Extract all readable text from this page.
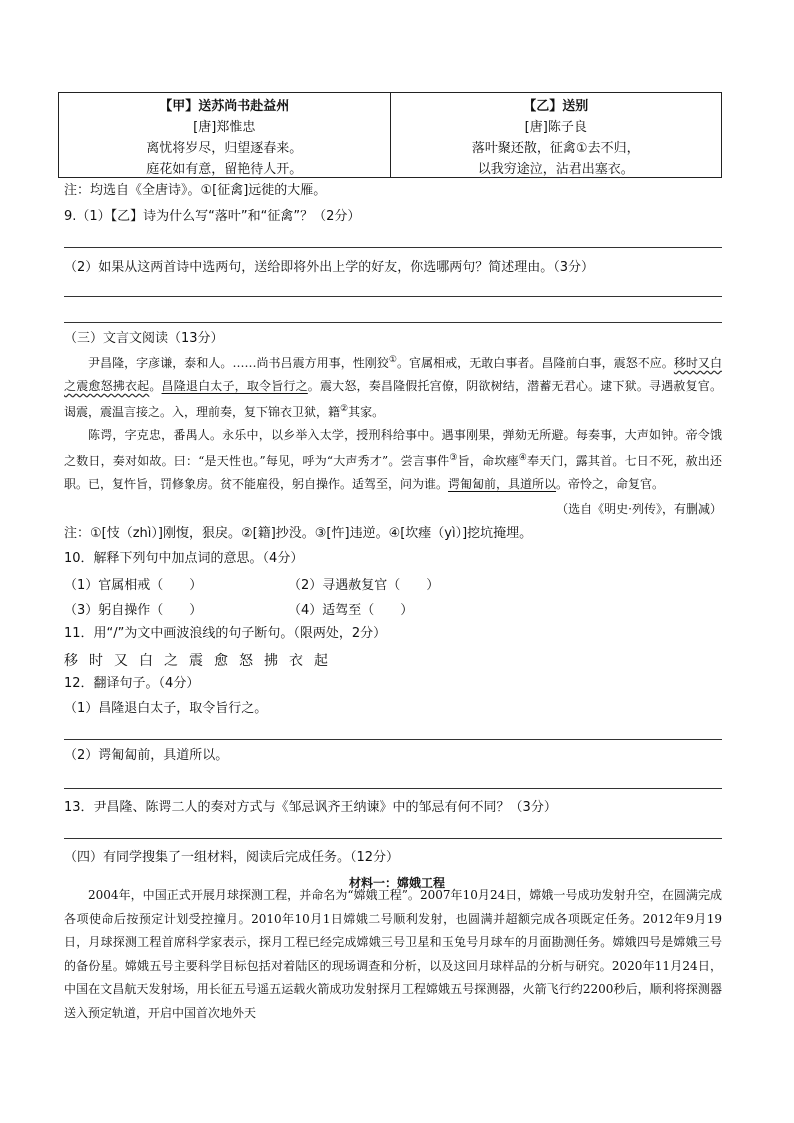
【甲】送苏尚书赴益州
[唐]郑惟忠
离忧将岁尽，归望逐春来。
庭花如有意，留艳待人开。
【乙】送别
[唐]陈子良
落叶聚还散，征禽①去不归，
以我穷途泣，沾君出塞衣。
注：均选自《全唐诗》。①[征禽]远徙的大雁。
9.（1）【乙】诗为什么写“落叶”和“征禽”？（2分）
（2）如果从这两首诗中选两句，送给即将外出上学的好友，你选哪两句？简述理由。（3分）
（三）文言文阅读（13分）

尹昌隆，字彦谦，泰和人。……尚书吕震方用事，性刚狡①。官属相戒，无敢白事者。昌隆前白事，震怒不应。移时又白之震愈怒拂衣起。昌隆退白太子，取令旨行之。震大怒，奏昌隆假托宫僚，阴欲树结，潜蓄无君心。逮下狱。寻遇赦复官。谒震，震温言接之。入，理前奏，复下锦衣卫狱，籍②其家。

陈谔，字克忠，番禺人。永乐中，以乡举入太学，授刑科给事中。遇事刚果，弹劾无所避。每奏事，大声如钟。帝令饿之数日，奏对如故。曰：“是天性也。”每见，呼为“大声秀才”。尝言事件③旨，命坎瘗④奉天门，露其首。七日不死，赦出还职。已，复忤旨，罚修象房。贫不能雇役，躬自操作。适驾至，问为谁。谔匍匐前，具道所以。帝怜之，命复官。

（选自《明史·列传》，有删减）
注：①[忮（zhì）]刚愎，狠戾。②[籍]抄没。③[忤]违逆。④[坎瘗（yì）]挖坑掩埋。
10．解释下列句中加点词的意思。（4分）
（1）官属相戒（　　）	（2）寻遇赦复官（　　）
（3）躬自操作（　　）	（4）适驾至（　　）
11．用“/”为文中画波浪线的句子断句。（限两处，2分）
移时又白之震愈怒拂衣起
12．翻译句子。（4分）
（1）昌隆退白太子，取令旨行之。
（2）谔匍匐前，具道所以。
13．尹昌隆、陈谔二人的奏对方式与《邹忌讽齐王纳谏》中的邹忌有何不同？（3分）
（四）有同学搜集了一组材料，阅读后完成任务。（12分）
材料一：嫦娥工程

2004年，中国正式开展月球探测工程，并命名为“嫦娥工程”。2007年10月24日，嫦娥一号成功发射升空，在圆满完成各项使命后按预定计划受控撞月。2010年10月1日嫦娥二号顺利发射，也圆满并超额完成各项既定任务。2012年9月19日，月球探测工程首席科学家表示，探月工程已经完成嫦娥三号卫星和玉兔号月球车的月面勘测任务。嫦娥四号是嫦娥三号的备份星。嫦娥五号主要科学目标包括对着陆区的现场调查和分析，以及这回月球样品的分析与研究。2020年11月24日，中国在文昌航天发射场，用长征五号遥五运载火箭成功发射探月工程嫦娥五号探测器，火箭飞行约2200秒后，顺利将探测器送入预定轨道，开启中国首次地外天
